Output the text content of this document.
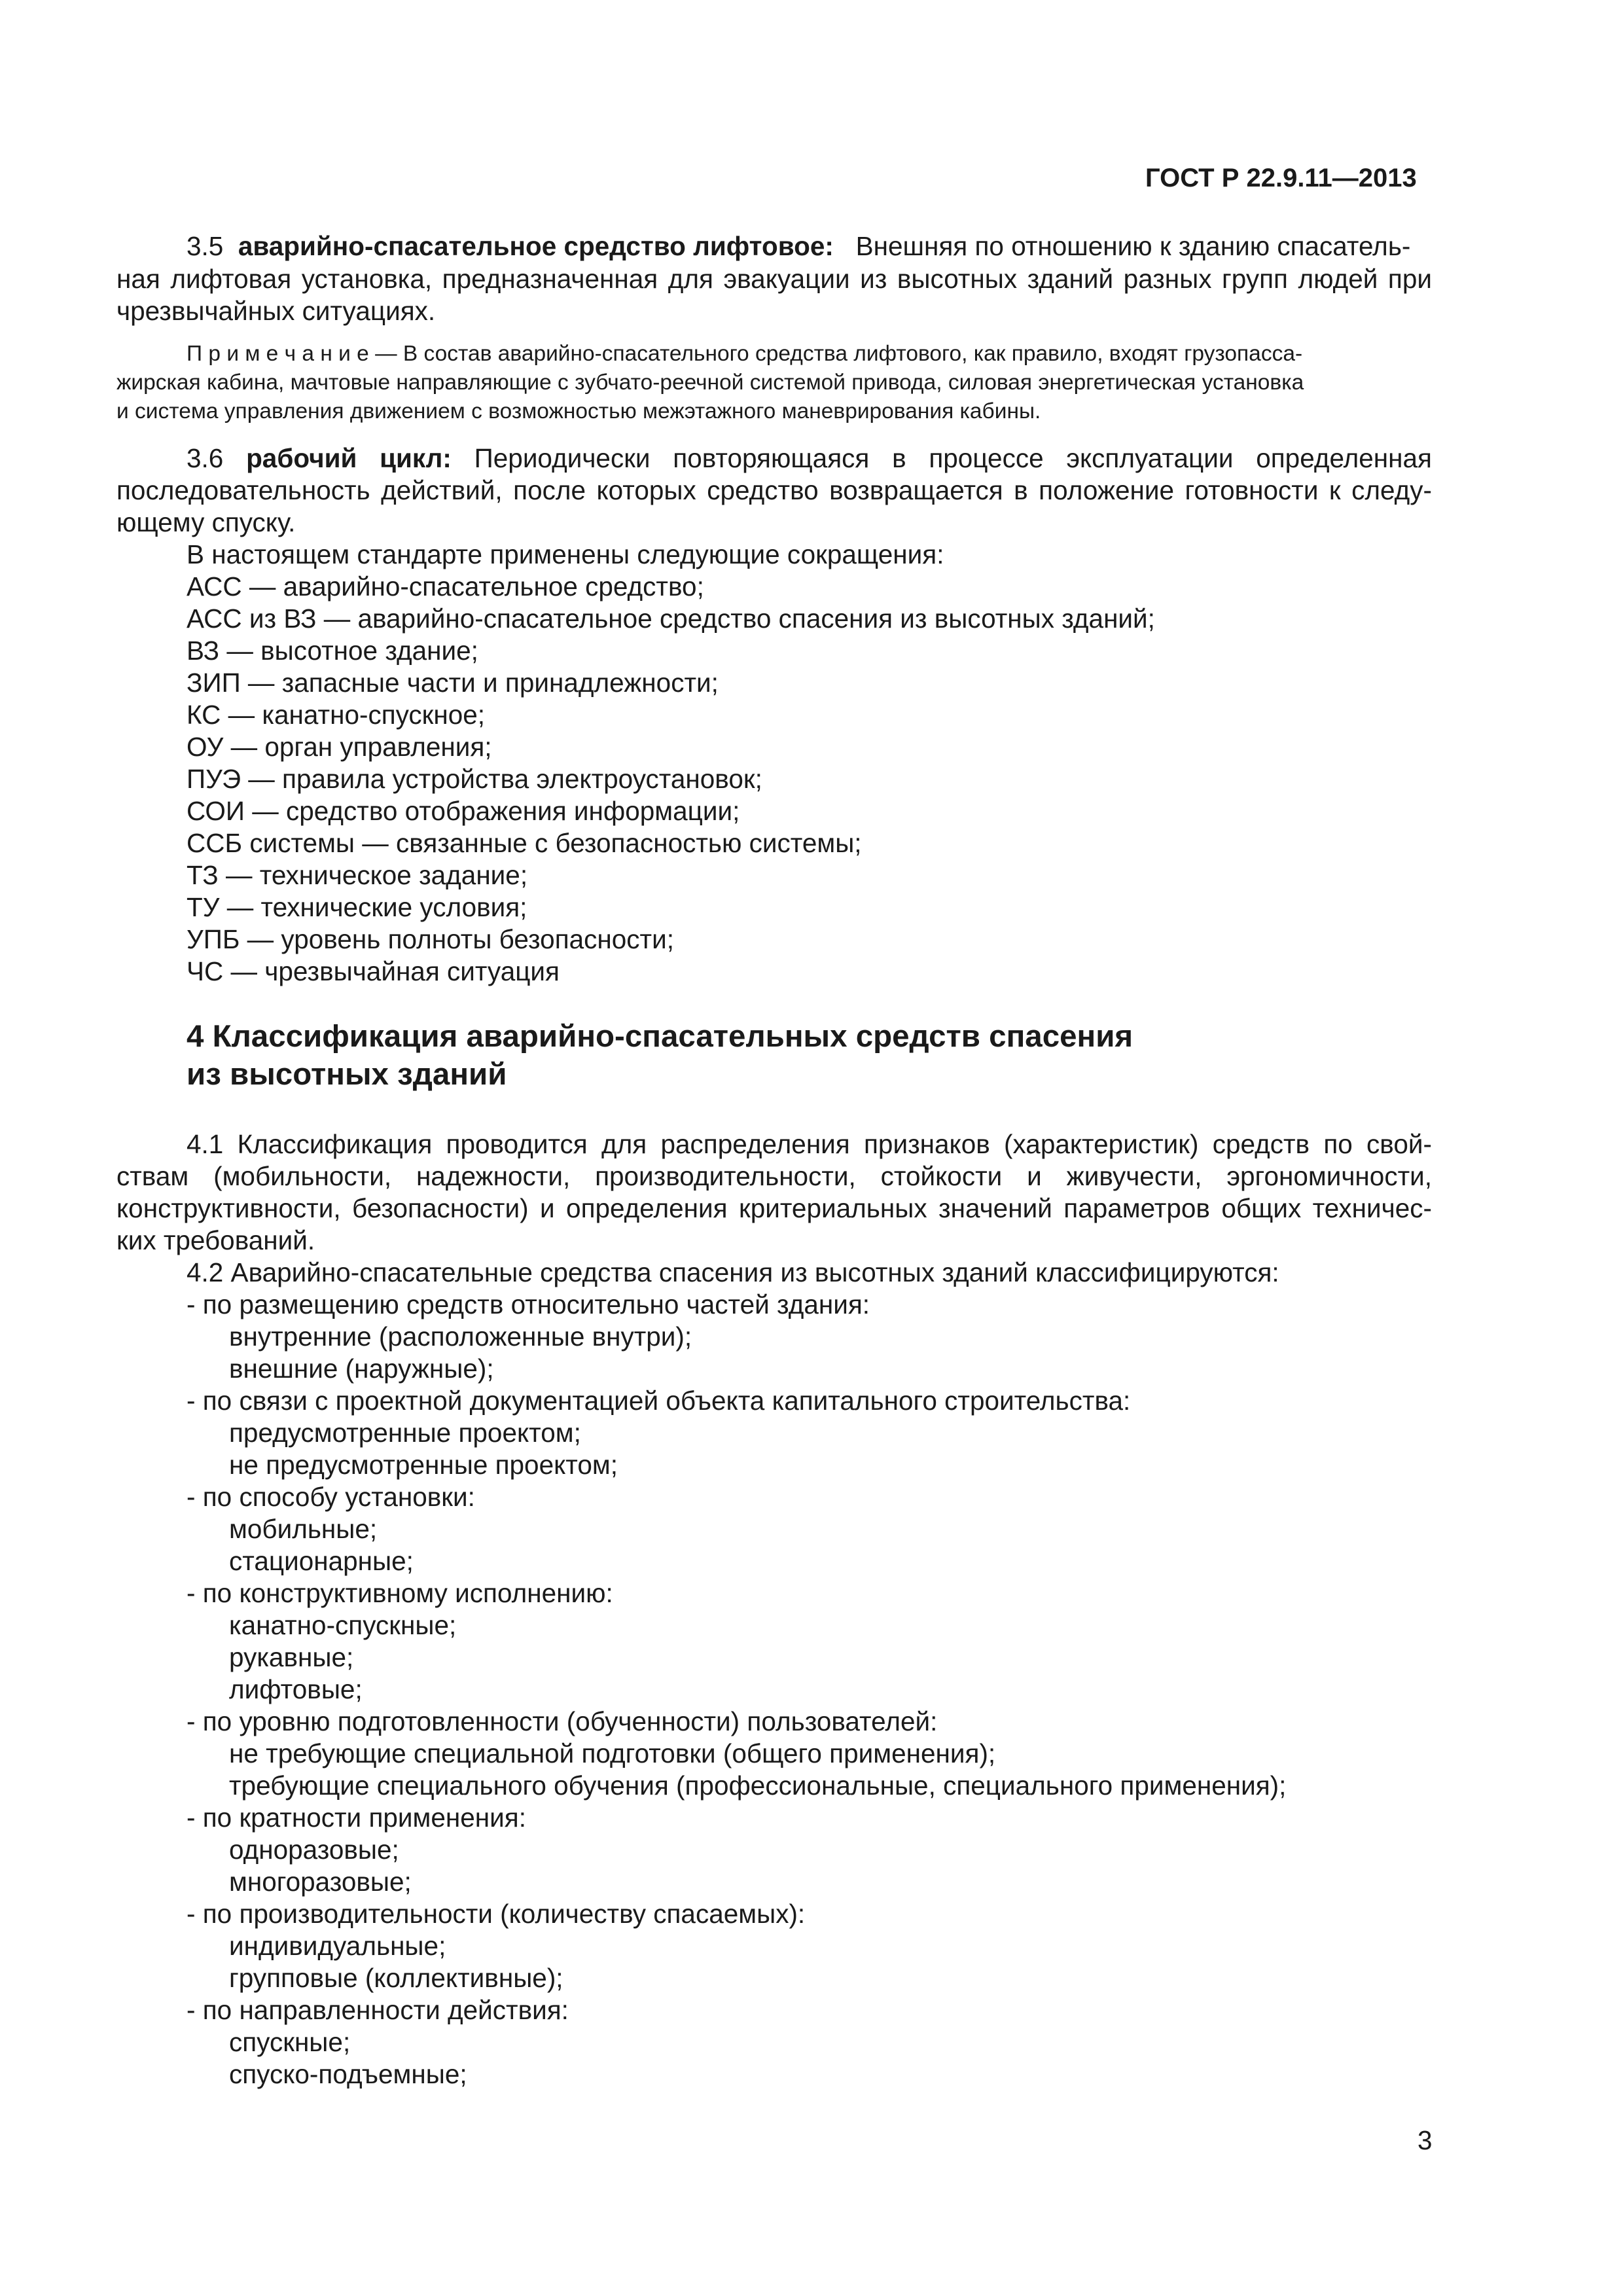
ГОСТ Р 22.9.11—2013
3.5 аварийно-спасательное средство лифтовое: Внешняя по отношению к зданию спасатель-
ная лифтовая установка, предназначенная для эвакуации из высотных зданий разных групп людей при
чрезвычайных ситуациях.
П р и м е ч а н и е — В состав аварийно-спасательного средства лифтового, как правило, входят грузопасса-
жирская кабина, мачтовые направляющие с зубчато-реечной системой привода, силовая энергетическая установка
и система управления движением с возможностью межэтажного маневрирования кабины.
3.6 рабочий цикл: Периодически повторяющаяся в процессе эксплуатации определенная
последовательность действий, после которых средство возвращается в положение готовности к следу-
ющему спуску.
В настоящем стандарте применены следующие сокращения:
АСС — аварийно-спасательное средство;
АСС из ВЗ — аварийно-спасательное средство спасения из высотных зданий;
ВЗ — высотное здание;
ЗИП — запасные части и принадлежности;
КС — канатно-спускное;
ОУ — орган управления;
ПУЭ — правила устройства электроустановок;
СОИ — средство отображения информации;
ССБ системы — связанные с безопасностью системы;
ТЗ — техническое задание;
ТУ — технические условия;
УПБ — уровень полноты безопасности;
ЧС — чрезвычайная ситуация
4 Классификация аварийно-спасательных средств спасения
из высотных зданий
4.1 Классификация проводится для распределения признаков (характеристик) средств по свой-
ствам (мобильности, надежности, производительности, стойкости и живучести, эргономичности,
конструктивности, безопасности) и определения критериальных значений параметров общих техничес-
ких требований.
4.2 Аварийно-спасательные средства спасения из высотных зданий классифицируются:
- по размещению средств относительно частей здания:
внутренние (расположенные внутри);
внешние (наружные);
- по связи с проектной документацией объекта капитального строительства:
предусмотренные проектом;
не предусмотренные проектом;
- по способу установки:
мобильные;
стационарные;
- по конструктивному исполнению:
канатно-спускные;
рукавные;
лифтовые;
- по уровню подготовленности (обученности) пользователей:
не требующие специальной подготовки (общего применения);
требующие специального обучения (профессиональные, специального применения);
- по кратности применения:
одноразовые;
многоразовые;
- по производительности (количеству спасаемых):
индивидуальные;
групповые (коллективные);
- по направленности действия:
спускные;
спуско-подъемные;
3
